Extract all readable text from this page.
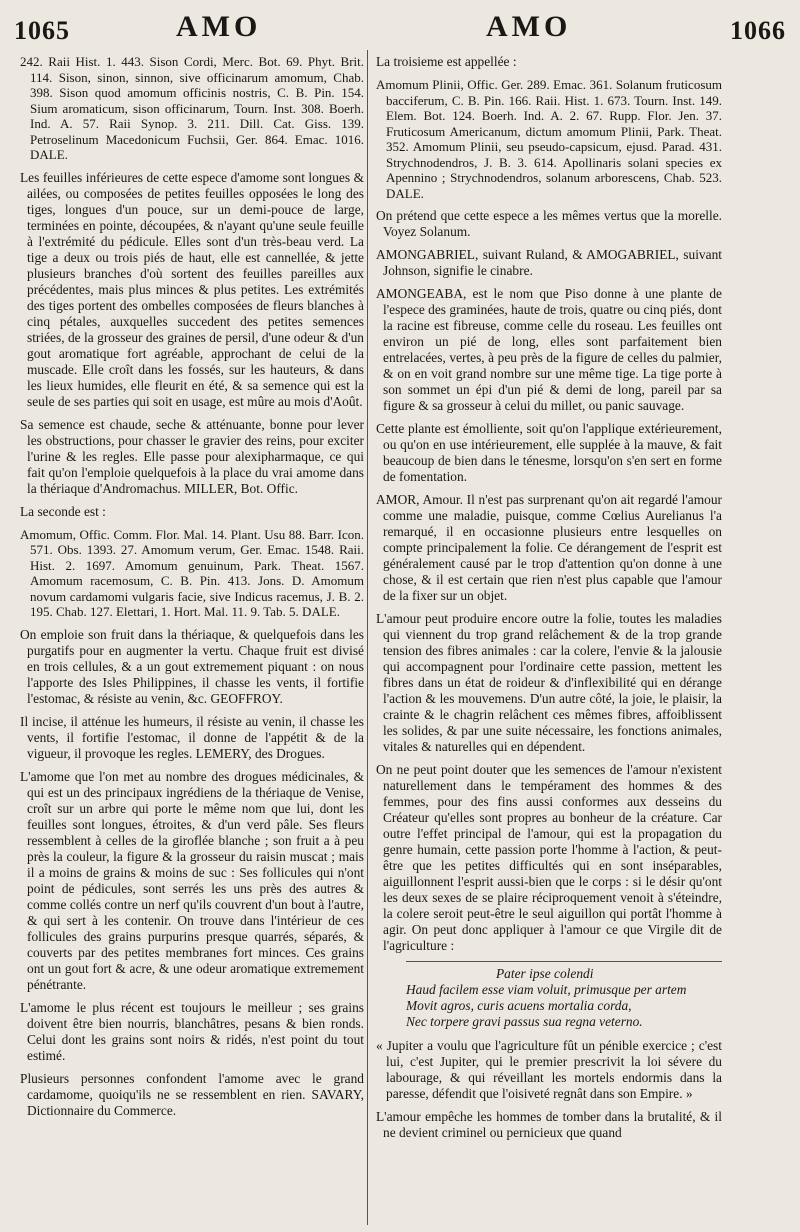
1065	AMO	AMO	1066

242. Raii Hist. 1. 443. Sison Cordi, Merc. Bot. 69. Phyt. Brit. 114. Sison, sinon, sinnon, sive officinarum amomum, Chab. 398. Sison quod amomum officinis nostris, C. B. Pin. 154. Sium aromaticum, sison officinarum, Tourn. Inst. 308. Boerh. Ind. A. 57. Raii Synop. 3. 211. Dill. Cat. Giss. 139. Petroselinum Macedonicum Fuchsii, Ger. 864. Emac. 1016. DALE.

Les feuilles inférieures de cette espece d'amome sont longues & ailées, ou composées de petites feuilles opposées le long des tiges, longues d'un pouce, sur un demi-pouce de large, terminées en pointe, découpées, & n'ayant qu'une seule feuille à l'extrémité du pédicule. Elles sont d'un très-beau verd. La tige a deux ou trois piés de haut, elle est cannellée, & jette plusieurs branches d'où sortent des feuilles pareilles aux précédentes, mais plus minces & plus petites. Les extrémités des tiges portent des ombelles composées de fleurs blanches à cinq pétales, auxquelles succedent des petites semences striées, de la grosseur des graines de persil, d'une odeur & d'un gout aromatique fort agréable, approchant de celui de la muscade. Elle croît dans les fossés, sur les hauteurs, & dans les lieux humides, elle fleurit en été, & sa semence qui est la seule de ses parties qui soit en usage, est mûre au mois d'Août.

Sa semence est chaude, seche & atténuante, bonne pour lever les obstructions, pour chasser le gravier des reins, pour exciter l'urine & les regles. Elle passe pour alexipharmaque, ce qui fait qu'on l'emploie quelquefois à la place du vrai amome dans la thériaque d'Andromachus. MILLER, Bot. Offic.

La seconde est :

Amomum, Offic. Comm. Flor. Mal. 14. Plant. Usu 88. Barr. Icon. 571. Obs. 1393. 27. Amomum verum, Ger. Emac. 1548. Raii. Hist. 2. 1697. Amomum genuinum, Park. Theat. 1567. Amomum racemosum, C. B. Pin. 413. Jons. D. Amomum novum cardamomi vulgaris facie, sive Indicus racemus, J. B. 2. 195. Chab. 127. Elettari, 1. Hort. Mal. 11. 9. Tab. 5. DALE.

On emploie son fruit dans la thériaque, & quelquefois dans les purgatifs pour en augmenter la vertu. Chaque fruit est divisé en trois cellules, & a un gout extremement piquant : on nous l'apporte des Isles Philippines, il chasse les vents, il fortifie l'estomac, & résiste au venin, &c. GEOFFROY.

Il incise, il atténue les humeurs, il résiste au venin, il chasse les vents, il fortifie l'estomac, il donne de l'appétit & de la vigueur, il provoque les regles. LEMERY, des Drogues.

L'amome que l'on met au nombre des drogues médicinales, & qui est un des principaux ingrédiens de la thériaque de Venise, croît sur un arbre qui porte le même nom que lui, dont les feuilles sont longues, étroites, & d'un verd pâle. Ses fleurs ressemblent à celles de la giroflée blanche ; son fruit a à peu près la couleur, la figure & la grosseur du raisin muscat ; mais il a moins de grains & moins de suc : Ses follicules qui n'ont point de pédicules, sont serrés les uns près des autres & comme collés contre un nerf qu'ils couvrent d'un bout à l'autre, & qui sert à les contenir. On trouve dans l'intérieur de ces follicules des grains purpurins presque quarrés, séparés, & couverts par des petites membranes fort minces. Ces grains ont un gout fort & acre, & une odeur aromatique extremement pénétrante.

L'amome le plus récent est toujours le meilleur ; ses grains doivent être bien nourris, blanchâtres, pesans & bien ronds. Celui dont les grains sont noirs & ridés, n'est point du tout estimé.

Plusieurs personnes confondent l'amome avec le grand cardamome, quoiqu'ils ne se ressemblent en rien. SAVARY, Dictionnaire du Commerce.

La troisieme est appellée :

Amomum Plinii, Offic. Ger. 289. Emac. 361. Solanum fruticosum bacciferum, C. B. Pin. 166. Raii. Hist. 1. 673. Tourn. Inst. 149. Elem. Bot. 124. Boerh. Ind. A. 2. 67. Rupp. Flor. Jen. 37. Fruticosum Americanum, dictum amomum Plinii, Park. Theat. 352. Amomum Plinii, seu pseudo-capsicum, ejusd. Parad. 431. Strychnodendros, J. B. 3. 614. Apollinaris solani species ex Apennino ; Strychnodendros, solanum arborescens, Chab. 523. DALE.

On prétend que cette espece a les mêmes vertus que la morelle. Voyez Solanum.

AMONGABRIEL, suivant Ruland, & AMOGABRIEL, suivant Johnson, signifie le cinabre.

AMONGEABA, est le nom que Piso donne à une plante de l'espece des graminées, haute de trois, quatre ou cinq piés, dont la racine est fibreuse, comme celle du roseau. Les feuilles ont environ un pié de long, elles sont parfaitement bien entrelacées, vertes, à peu près de la figure de celles du palmier, & on en voit grand nombre sur une même tige. La tige porte à son sommet un épi d'un pié & demi de long, pareil par sa figure & sa grosseur à celui du millet, ou panic sauvage.

Cette plante est émolliente, soit qu'on l'applique extérieurement, ou qu'on en use intérieurement, elle supplée à la mauve, & fait beaucoup de bien dans le ténesme, lorsqu'on s'en sert en forme de fomentation.

AMOR, Amour. Il n'est pas surprenant qu'on ait regardé l'amour comme une maladie, puisque, comme Cœlius Aurelianus l'a remarqué, il en occasionne plusieurs entre lesquelles on compte principalement la folie. Ce dérangement de l'esprit est généralement causé par le trop d'attention qu'on donne à une chose, & il est certain que rien n'est plus capable que l'amour de la fixer sur un objet.

L'amour peut produire encore outre la folie, toutes les maladies qui viennent du trop grand relâchement & de la trop grande tension des fibres animales : car la colere, l'envie & la jalousie qui accompagnent pour l'ordinaire cette passion, mettent les fibres dans un état de roideur & d'inflexibilité qui en dérange l'action & les mouvemens. D'un autre côté, la joie, le plaisir, la crainte & le chagrin relâchent ces mêmes fibres, affoiblissent les solides, & par une suite nécessaire, les fonctions animales, vitales & naturelles qui en dépendent.

On ne peut point douter que les semences de l'amour n'existent naturellement dans le tempérament des hommes & des femmes, pour des fins aussi conformes aux desseins du Créateur qu'elles sont propres au bonheur de la créature. Car outre l'effet principal de l'amour, qui est la propagation du genre humain, cette passion porte l'homme à l'action, & peut-être que les petites difficultés qui en sont inséparables, aiguillonnent l'esprit aussi-bien que le corps : si le désir qu'ont les deux sexes de se plaire réciproquement venoit à s'éteindre, la colere seroit peut-être le seul aiguillon qui portât l'homme à agir. On peut donc appliquer à l'amour ce que Virgile dit de l'agriculture :

Pater ipse colendi
Haud facilem esse viam voluit, primusque per artem
Movit agros, curis acuens mortalia corda,
Nec torpere gravi passus sua regna veterno.

« Jupiter a voulu que l'agriculture fût un pénible exercice ; c'est lui, c'est Jupiter, qui le premier prescrivit la loi sévere du labourage, & qui réveillant les mortels endormis dans la paresse, défendit que l'oisiveté regnât dans son Empire. »

L'amour empêche les hommes de tomber dans la brutalité, & il ne devient criminel ou pernicieux que quand
